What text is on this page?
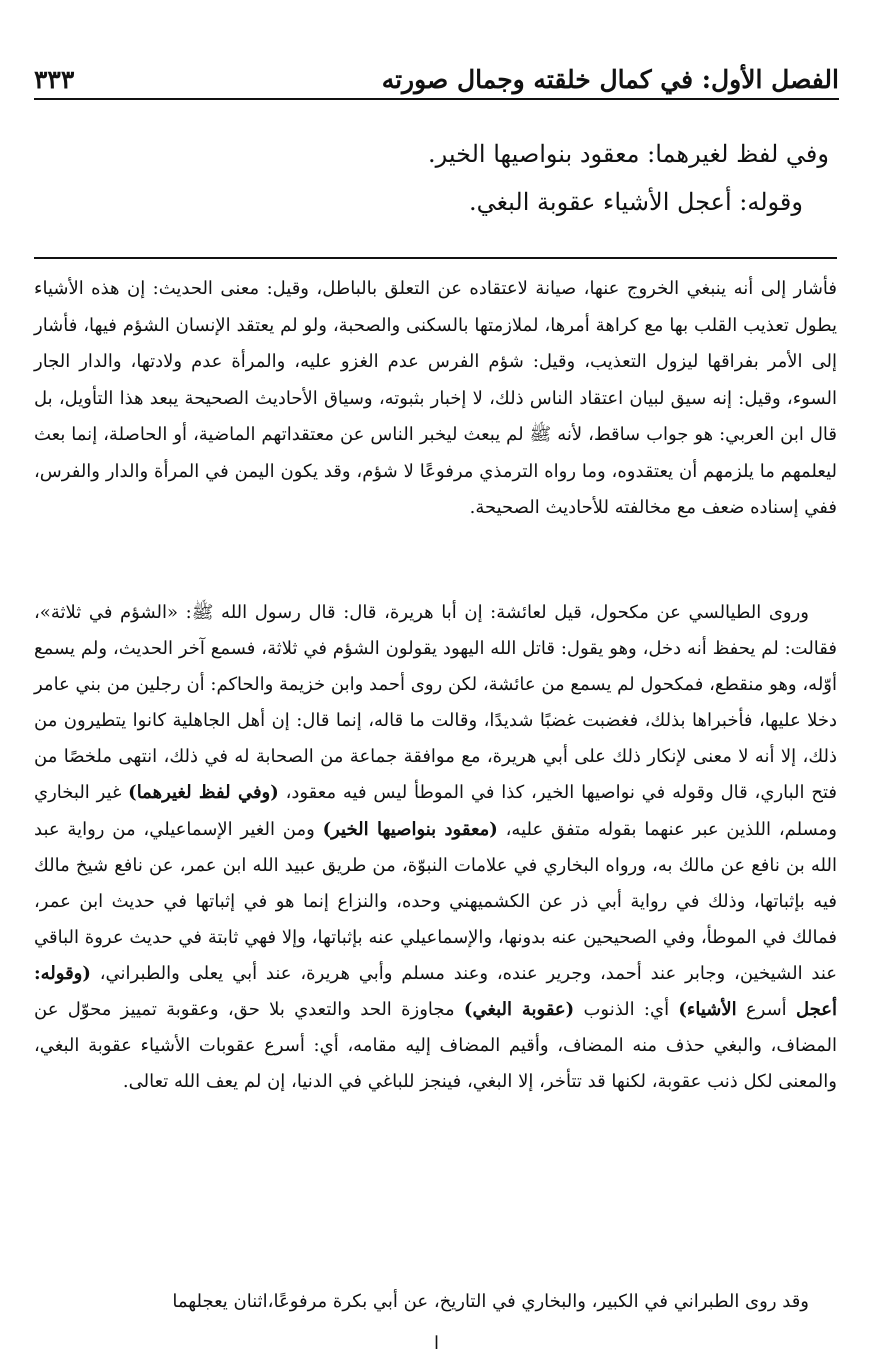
الفصل الأول: في كمال خلقته وجمال صورته
٣٣٣

وفي لفظ لغيرهما: معقود بنواصيها الخير.

وقوله: أعجل الأشياء عقوبة البغي.

فأشار إلى أنه ينبغي الخروج عنها، صيانة لاعتقاده عن التعلق بالباطل، وقيل: معنى الحديث: إن هذه الأشياء يطول تعذيب القلب بها مع كراهة أمرها، لملازمتها بالسكنى والصحبة، ولو لم يعتقد الإنسان الشؤم فيها، فأشار إلى الأمر بفراقها ليزول التعذيب، وقيل: شؤم الفرس عدم الغزو عليه، والمرأة عدم ولادتها، والدار الجار السوء، وقيل: إنه سيق لبيان اعتقاد الناس ذلك، لا إخبار بثبوته، وسياق الأحاديث الصحيحة يبعد هذا التأويل، بل قال ابن العربي: هو جواب ساقط، لأنه ﷺ لم يبعث ليخبر الناس عن معتقداتهم الماضية، أو الحاصلة، إنما بعث ليعلمهم ما يلزمهم أن يعتقدوه، وما رواه الترمذي مرفوعًا لا شؤم، وقد يكون اليمن في المرأة والدار والفرس، ففي إسناده ضعف مع مخالفته للأحاديث الصحيحة.

وروى الطيالسي عن مكحول، قيل لعائشة: إن أبا هريرة، قال: قال رسول الله ﷺ: «الشؤم في ثلاثة»، فقالت: لم يحفظ أنه دخل، وهو يقول: قاتل الله اليهود يقولون الشؤم في ثلاثة، فسمع آخر الحديث، ولم يسمع أوّله، وهو منقطع، فمكحول لم يسمع من عائشة، لكن روى أحمد وابن خزيمة والحاكم: أن رجلين من بني عامر دخلا عليها، فأخبراها بذلك، فغضبت غضبًا شديدًا، وقالت ما قاله، إنما قال: إن أهل الجاهلية كانوا يتطيرون من ذلك، إلا أنه لا معنى لإنكار ذلك على أبي هريرة، مع موافقة جماعة من الصحابة له في ذلك، انتهى ملخصًا من فتح الباري، قال وقوله في نواصيها الخير، كذا في الموطأ ليس فيه معقود، (وفي لفظ لغيرهما) غير البخاري ومسلم، اللذين عبر عنهما بقوله متفق عليه، (معقود بنواصيها الخير) ومن الغير الإسماعيلي، من رواية عبد الله بن نافع عن مالك به، ورواه البخاري في علامات النبوّة، من طريق عبيد الله ابن عمر، عن نافع شيخ مالك فيه بإثباتها، وذلك في رواية أبي ذر عن الكشميهني وحده، والنزاع إنما هو في إثباتها في حديث ابن عمر، فمالك في الموطأ، وفي الصحيحين عنه بدونها، والإسماعيلي عنه بإثباتها، وإلا فهي ثابتة في حديث عروة الباقي عند الشيخين، وجابر عند أحمد، وجرير عنده، وعند مسلم وأبي هريرة، عند أبي يعلى والطبراني، (وقوله: أعجل أسرع الأشياء) أي: الذنوب (عقوبة البغي) مجاوزة الحد والتعدي بلا حق، وعقوبة تمييز محوّل عن المضاف، والبغي حذف منه المضاف، وأقيم المضاف إليه مقامه، أي: أسرع عقوبات الأشياء عقوبة البغي، والمعنى لكل ذنب عقوبة، لكنها قد تتأخر، إلا البغي، فينجز للباغي في الدنيا، إن لم يعف الله تعالى.

وقد روى الطبراني في الكبير، والبخاري في التاريخ، عن أبي بكرة مرفوعًا،اثنان يعجلهما

ا
